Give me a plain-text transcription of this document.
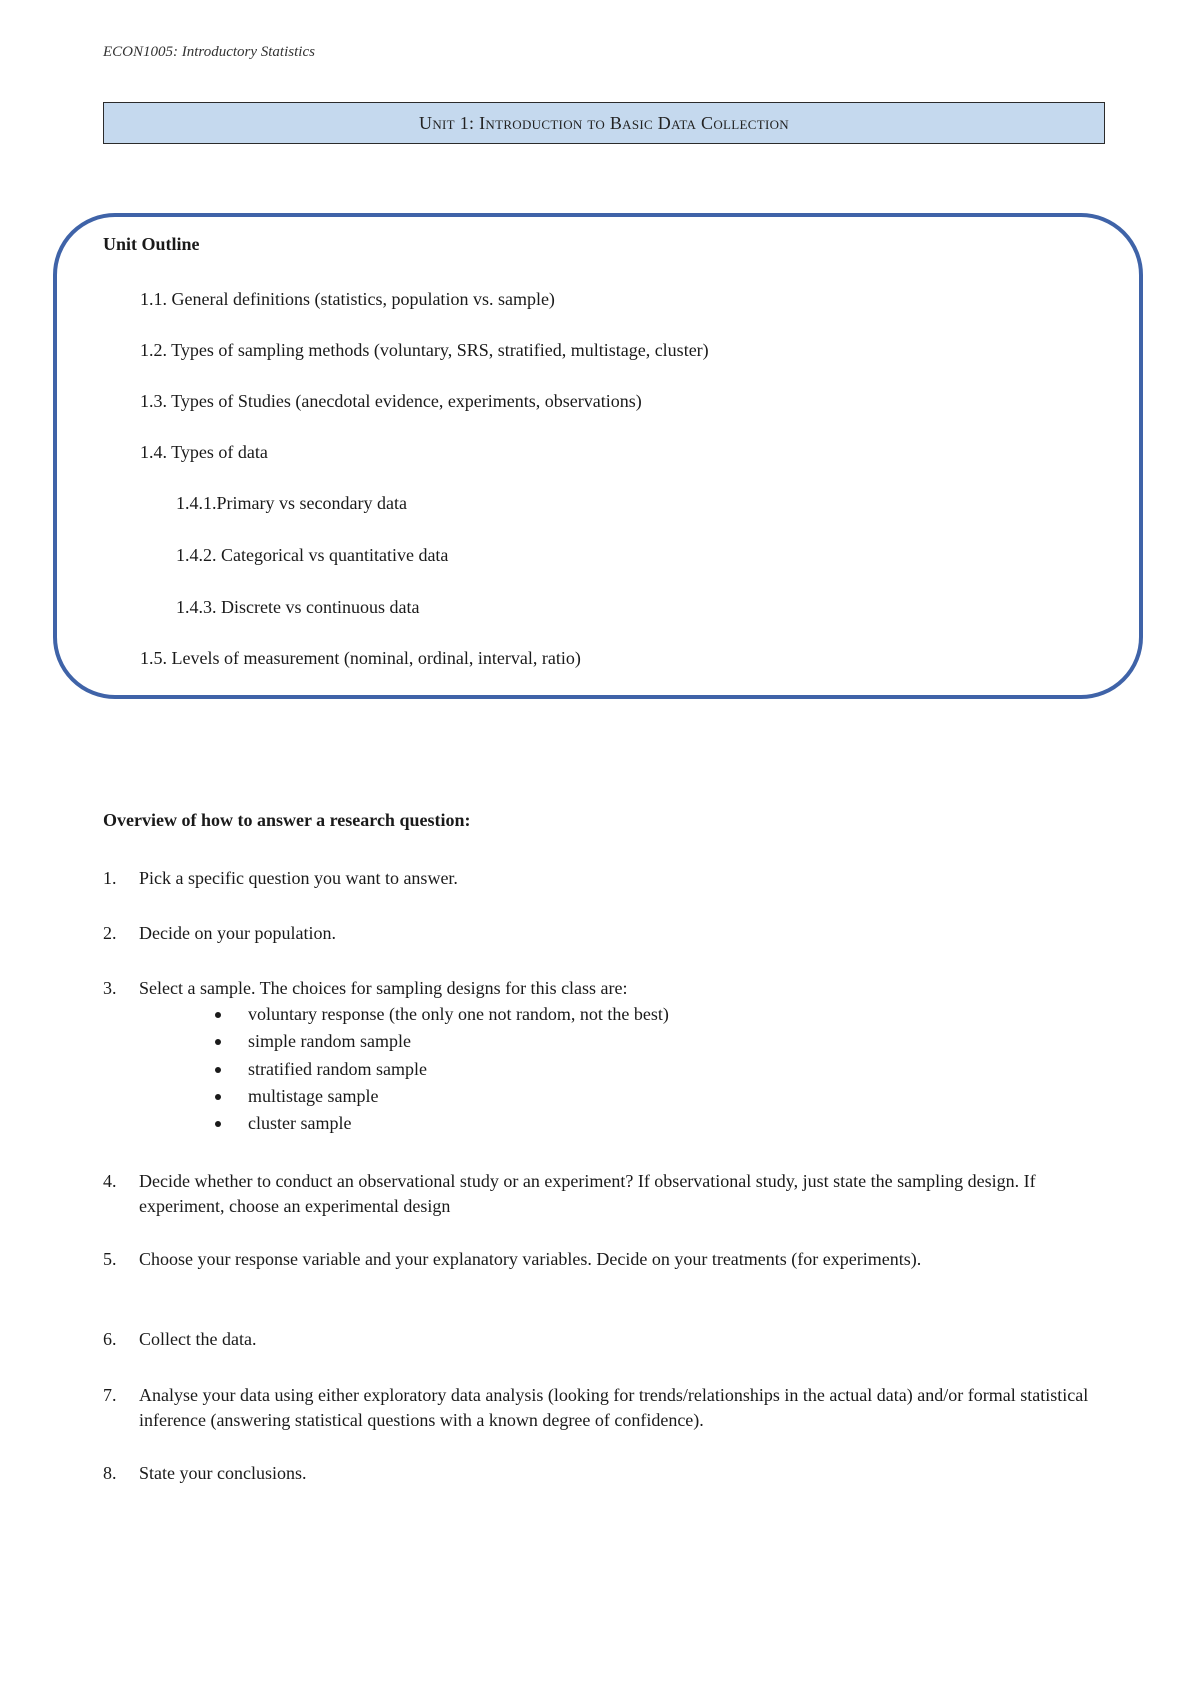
ECON1005: Introductory Statistics
Unit 1: Introduction to Basic Data Collection
Unit Outline
1.1. General definitions (statistics, population vs. sample)
1.2. Types of sampling methods (voluntary, SRS, stratified, multistage, cluster)
1.3. Types of Studies (anecdotal evidence, experiments, observations)
1.4. Types of data
1.4.1.Primary vs secondary data
1.4.2. Categorical vs quantitative data
1.4.3. Discrete vs continuous data
1.5. Levels of measurement (nominal, ordinal, interval, ratio)
Overview of how to answer a research question:
1. Pick a specific question you want to answer.
2. Decide on your population.
3. Select a sample. The choices for sampling designs for this class are:
voluntary response (the only one not random, not the best)
simple random sample
stratified random sample
multistage sample
cluster sample
4. Decide whether to conduct an observational study or an experiment? If observational study, just state the sampling design. If experiment, choose an experimental design
5. Choose your response variable and your explanatory variables. Decide on your treatments (for experiments).
6. Collect the data.
7. Analyse your data using either exploratory data analysis (looking for trends/relationships in the actual data) and/or formal statistical inference (answering statistical questions with a known degree of confidence).
8. State your conclusions.
